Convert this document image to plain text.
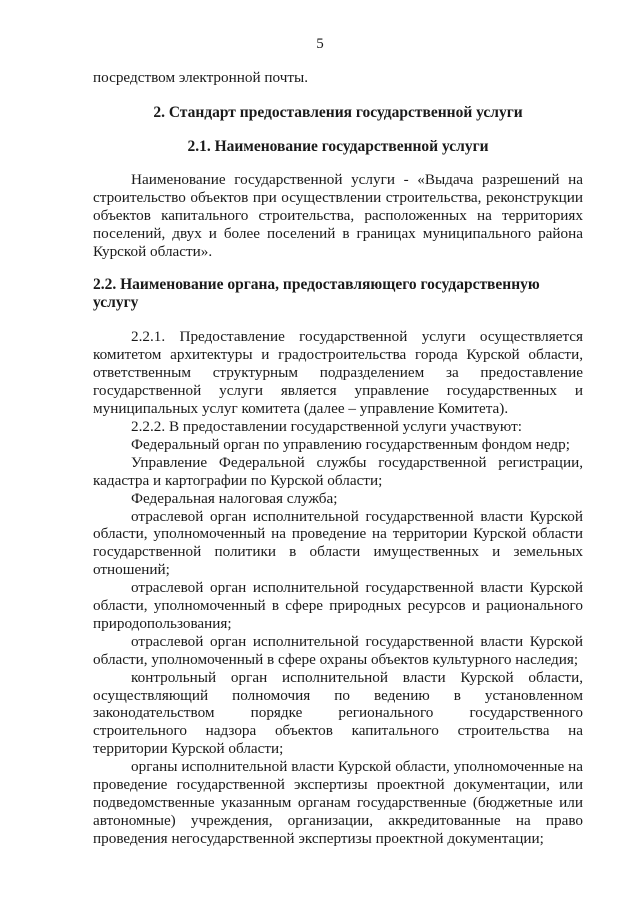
5

посредством электронной почты.

2. Стандарт предоставления государственной услуги

2.1. Наименование государственной услуги

Наименование государственной услуги - «Выдача разрешений на строительство объектов при осуществлении строительства, реконструкции объектов капитального строительства, расположенных на территориях поселений, двух и более поселений в границах муниципального района Курской области».

2.2. Наименование органа, предоставляющего государственную услугу

2.2.1. Предоставление государственной услуги осуществляется комитетом архитектуры и градостроительства города Курской области, ответственным структурным подразделением за предоставление государственной услуги является управление государственных и муниципальных услуг комитета (далее – управление Комитета).

2.2.2. В предоставлении государственной услуги участвуют:

Федеральный орган по управлению государственным фондом недр;

Управление Федеральной службы государственной регистрации, кадастра и картографии по Курской области;

Федеральная налоговая служба;

отраслевой орган исполнительной государственной власти Курской области, уполномоченный на проведение на территории Курской области государственной политики в области имущественных и земельных отношений;

отраслевой орган исполнительной государственной власти Курской области, уполномоченный в сфере природных ресурсов и рационального природопользования;

отраслевой орган исполнительной государственной власти Курской области, уполномоченный в сфере охраны объектов культурного наследия;

контрольный орган исполнительной власти Курской области, осуществляющий полномочия по ведению в установленном законодательством порядке регионального государственного строительного надзора объектов капитального строительства на территории Курской области;

органы исполнительной власти Курской области, уполномоченные на проведение государственной экспертизы проектной документации, или подведомственные указанным органам государственные (бюджетные или автономные) учреждения, организации, аккредитованные на право проведения негосударственной экспертизы проектной документации;
